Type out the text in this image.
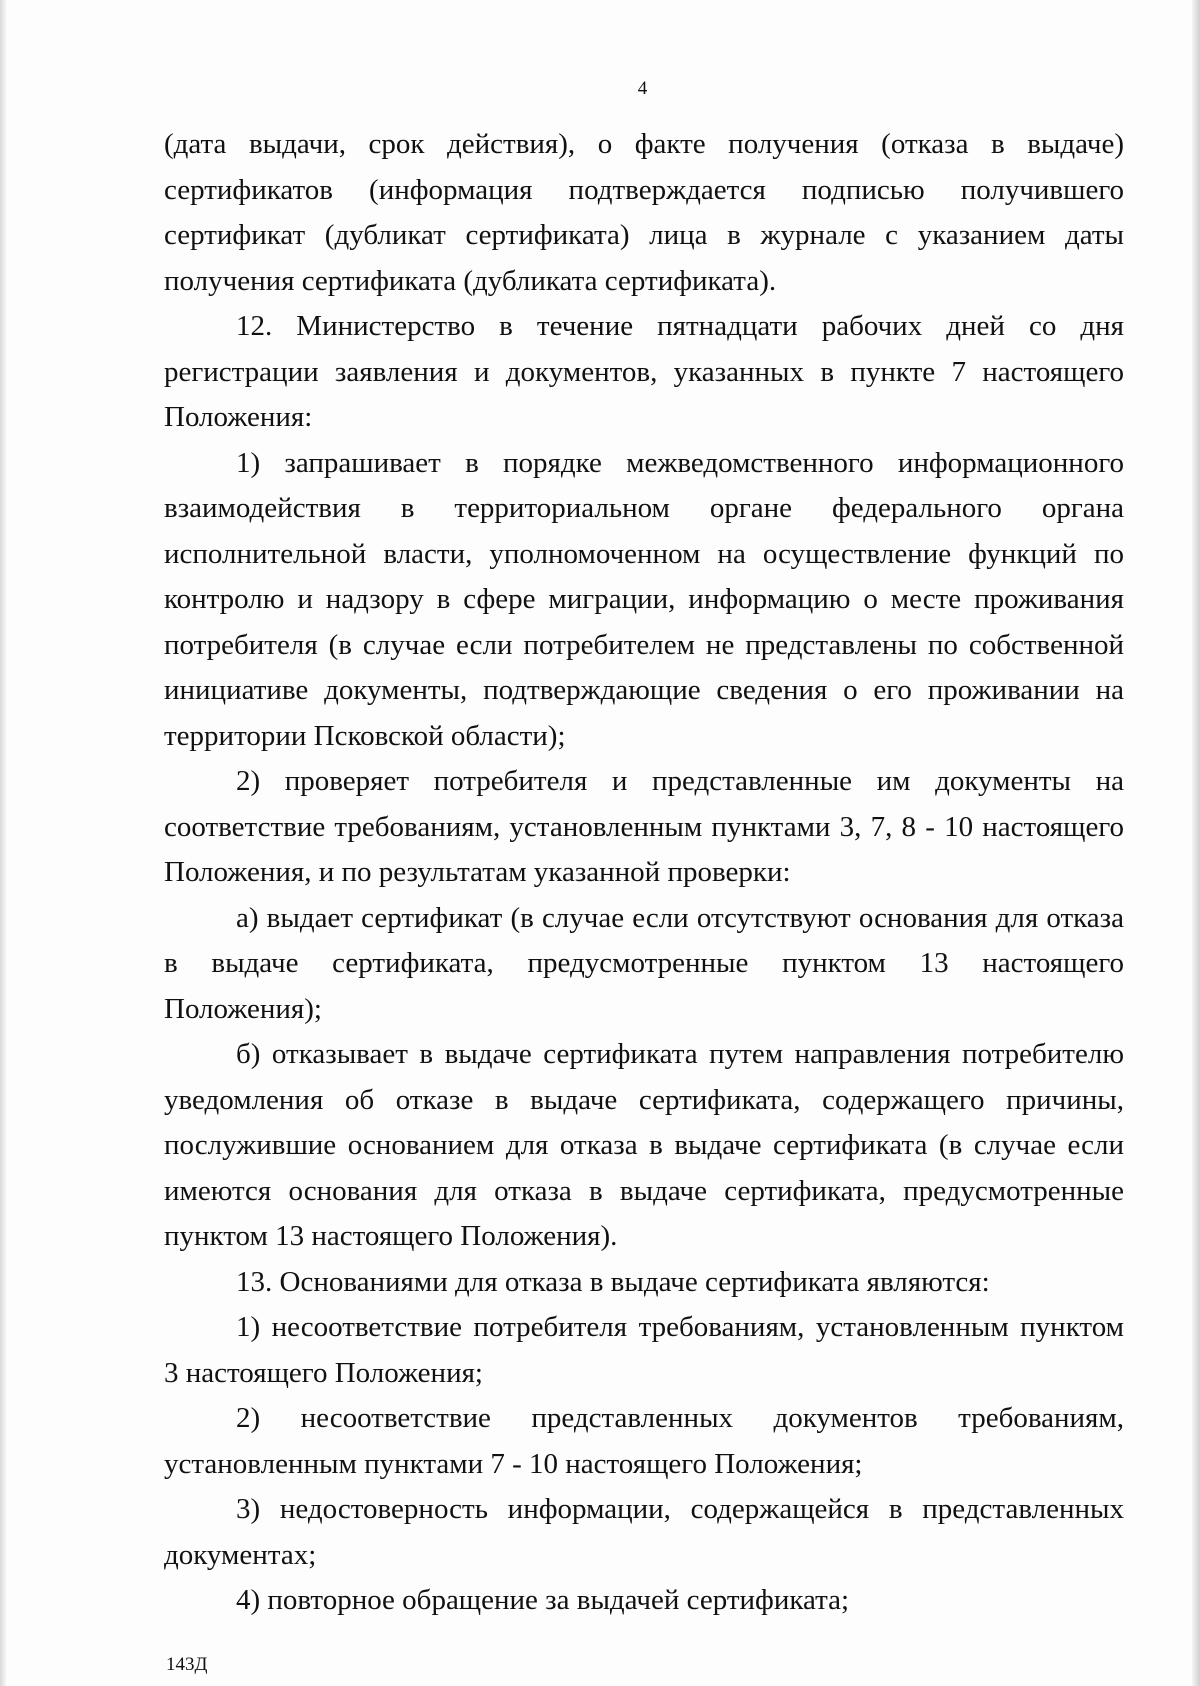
4

(дата выдачи, срок действия), о факте получения (отказа в выдаче) сертификатов (информация подтверждается подписью получившего сертификат (дубликат сертификата) лица в журнале с указанием даты получения сертификата (дубликата сертификата).

12. Министерство в течение пятнадцати рабочих дней со дня регистрации заявления и документов, указанных в пункте 7 настоящего Положения:

1) запрашивает в порядке межведомственного информационного взаимодействия в территориальном органе федерального органа исполнительной власти, уполномоченном на осуществление функций по контролю и надзору в сфере миграции, информацию о месте проживания потребителя (в случае если потребителем не представлены по собственной инициативе документы, подтверждающие сведения о его проживании на территории Псковской области);

2) проверяет потребителя и представленные им документы на соответствие требованиям, установленным пунктами 3, 7, 8 - 10 настоящего Положения, и по результатам указанной проверки:

а) выдает сертификат (в случае если отсутствуют основания для отказа в выдаче сертификата, предусмотренные пунктом 13 настоящего Положения);

б) отказывает в выдаче сертификата путем направления потребителю уведомления об отказе в выдаче сертификата, содержащего причины, послужившие основанием для отказа в выдаче сертификата (в случае если имеются основания для отказа в выдаче сертификата, предусмотренные пунктом 13 настоящего Положения).

13. Основаниями для отказа в выдаче сертификата являются:

1) несоответствие потребителя требованиям, установленным пунктом 3 настоящего Положения;

2) несоответствие представленных документов требованиям, установленным пунктами 7 - 10 настоящего Положения;

3) недостоверность информации, содержащейся в представленных документах;

4) повторное обращение за выдачей сертификата;

143Д
